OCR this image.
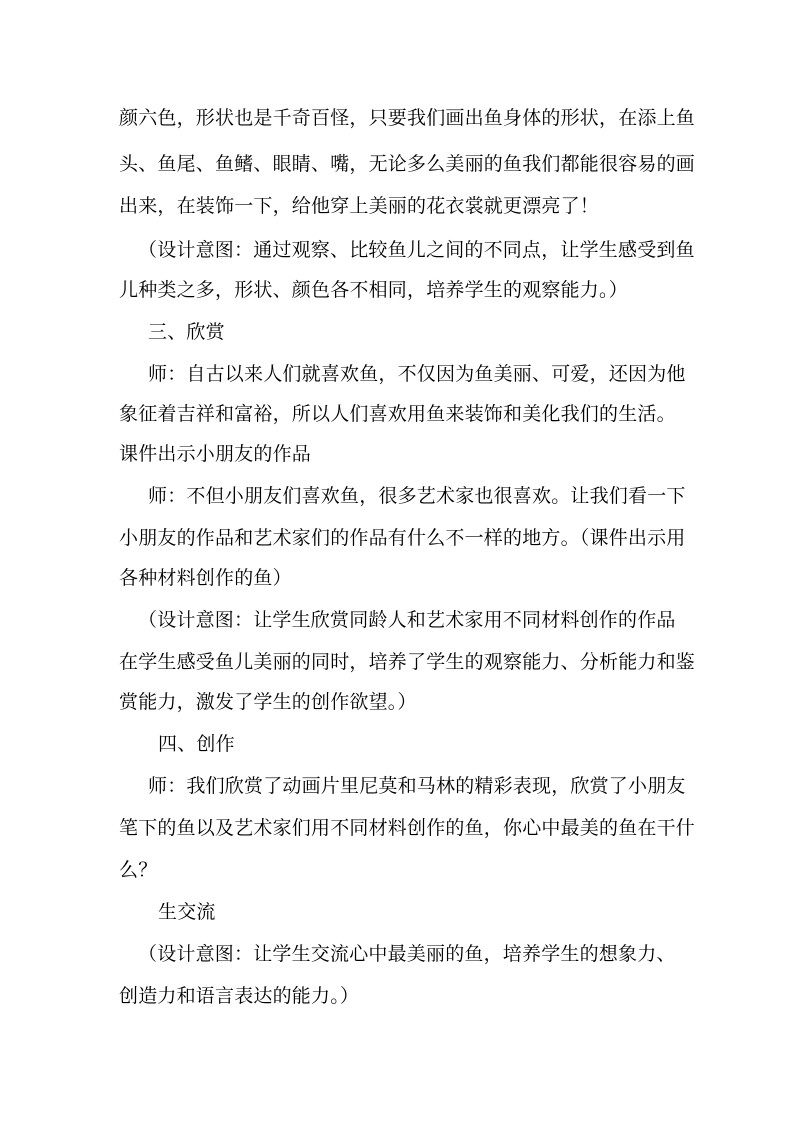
颜六色，形状也是千奇百怪，只要我们画出鱼身体的形状，在添上鱼
头、鱼尾、鱼鳍、眼睛、嘴，无论多么美丽的鱼我们都能很容易的画
出来，在装饰一下，给他穿上美丽的花衣裳就更漂亮了！
（设计意图：通过观察、比较鱼儿之间的不同点，让学生感受到鱼
儿种类之多，形状、颜色各不相同，培养学生的观察能力。）
三、欣赏
师：自古以来人们就喜欢鱼，不仅因为鱼美丽、可爱，还因为他
象征着吉祥和富裕，所以人们喜欢用鱼来装饰和美化我们的生活。
课件出示小朋友的作品
师：不但小朋友们喜欢鱼，很多艺术家也很喜欢。让我们看一下
小朋友的作品和艺术家们的作品有什么不一样的地方。（课件出示用
各种材料创作的鱼）
（设计意图：让学生欣赏同龄人和艺术家用不同材料创作的作品
在学生感受鱼儿美丽的同时，培养了学生的观察能力、分析能力和鉴
赏能力，激发了学生的创作欲望。）
四、创作
师：我们欣赏了动画片里尼莫和马林的精彩表现，欣赏了小朋友
笔下的鱼以及艺术家们用不同材料创作的鱼，你心中最美的鱼在干什
么？
生交流
（设计意图：让学生交流心中最美丽的鱼，培养学生的想象力、
创造力和语言表达的能力。）
